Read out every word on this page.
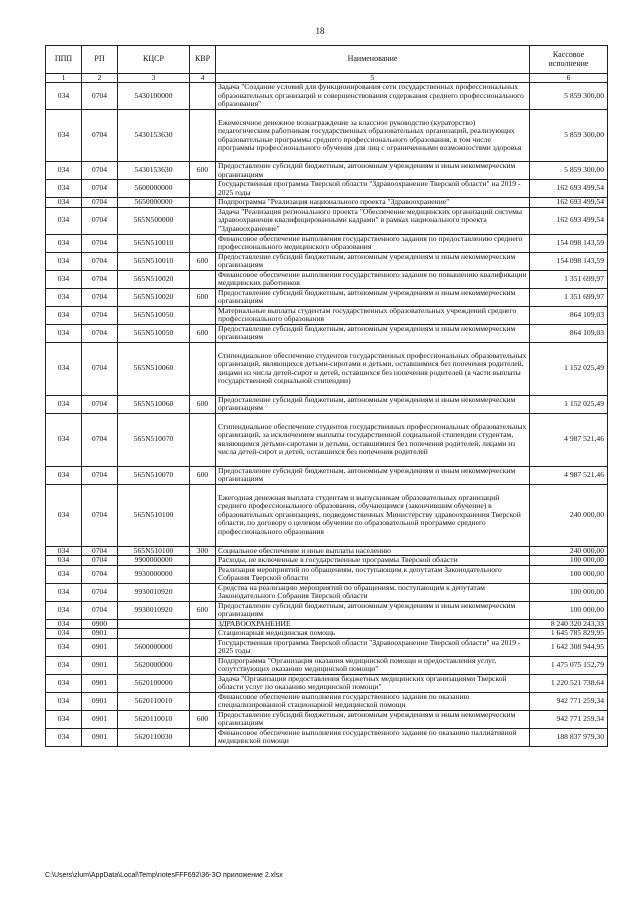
18
ППП	РП	КЦСР	КВР	Наименование	Кассовое исполнение
1	2	3	4	5	6
034	0704	5430100000		Задача "Создание условий для функционирования сети государственных профессиональных образовательных организаций и совершенствования содержания среднего профессионального образования"	5 859 300,00
034	0704	5430153630		Ежемесячное денежное вознаграждение за классное руководство (кураторство) педагогическим работникам государственных образовательных организаций, реализующих образовательные программы среднего профессионального образования, в том числе программы профессионального обучения для лиц с ограниченными возможностями здоровья	5 859 300,00
034	0704	5430153630	600	Предоставление субсидий бюджетным, автономным учреждениям и иным некоммерческим организациям	5 859 300,00
034	0704	5600000000		Государственная программа Тверской области "Здравоохранение Тверской области" на 2019 - 2025 годы	162 693 499,54
034	0704	5650000000		Подпрограмма "Реализация национального проекта "Здравоохранение"	162 693 499,54
034	0704	565N500000		Задача "Реализация регионального проекта "Обеспечение медицинских организаций системы здравоохранения квалифицированными кадрами" в рамках национального проекта "Здравоохранение"	162 693 499,54
034	0704	565N510010		Финансовое обеспечение выполнения государственного задания по предоставлению среднего профессионального медицинского образования	154 098 143,59
034	0704	565N510010	600	Предоставление субсидий бюджетным, автономным учреждениям и иным некоммерческим организациям	154 098 143,59
034	0704	565N510020		Финансовое обеспечение выполнения государственного задания по повышению квалификации медицинских работников	1 351 699,97
034	0704	565N510020	600	Предоставление субсидий бюджетным, автономным учреждениям и иным некоммерческим организациям	1 351 699,97
034	0704	565N510050		Материальные выплаты студентам государственных образовательных учреждений среднего профессионального образования	864 109,03
034	0704	565N510050	600	Предоставление субсидий бюджетным, автономным учреждениям и иным некоммерческим организациям	864 109,03
034	0704	565N510060		Стипендиальное обеспечение студентов государственных профессиональных образовательных организаций, являющихся детьми-сиротами и детьми, оставшимися без попечения родителей, лицами из числа детей-сирот и детей, оставшихся без попечения родителей (в части выплаты государственной социальной стипендии)	1 152 025,49
034	0704	565N510060	600	Предоставление субсидий бюджетным, автономным учреждениям и иным некоммерческим организациям	1 152 025,49
034	0704	565N510070		Стипендиальное обеспечение студентов государственных профессиональных образовательных организаций, за исключением выплаты государственной социальной стипендии студентам, являющимся детьми-сиротами и детьми, оставшимися без попечения родителей, лицами из числа детей-сирот и детей, оставшихся без попечения родителей	4 987 521,46
034	0704	565N510070	600	Предоставление субсидий бюджетным, автономным учреждениям и иным некоммерческим организациям	4 987 521,46
034	0704	565N510100		Ежегодная денежная выплата студентам и выпускникам образовательных организаций среднего профессионального образования, обучающимся (закончившим обучение) в образовательных организациях, подведомственных Министерству здравоохранения Тверской области, по договору о целевом обучении по образовательной программе среднего профессионального образования	240 000,00
034	0704	565N510100	300	Социальное обеспечение и иные выплаты населению	240 000,00
034	0704	9900000000		Расходы, не включенные в государственные программы Тверской области	100 000,00
034	0704	9930000000		Реализация мероприятий по обращениям, поступающим к депутатам Законодательного Собрания Тверской области	100 000,00
034	0704	9930010920		Средства на реализацию мероприятий по обращениям, поступающим к депутатам Законодательного Собрания Тверской области	100 000,00
034	0704	9930010920	600	Предоставление субсидий бюджетным, автономным учреждениям и иным некоммерческим организациям	100 000,00
034	0900			ЗДРАВООХРАНЕНИЕ	8 240 320 243,33
034	0901			Стационарная медицинская помощь	1 645 785 829,95
034	0901	5600000000		Государственная программа Тверской области "Здравоохранение Тверской области" на 2019 - 2025 годы	1 642 308 944,95
034	0901	5620000000		Подпрограмма "Организация оказания медицинской помощи и предоставления услуг, сопутствующих оказанию медицинской помощи"	1 475 075 152,79
034	0901	5620100000		Задача "Организация предоставления бюджетных медицинских организациями Тверской области услуг по оказанию медицинской помощи"	1 220 521 738,64
034	0901	5620110010		Финансовое обеспечение выполнения государственного задания по оказанию специализированной стационарной медицинской помощи	942 771 259,34
034	0901	5620110010	600	Предоставление субсидий бюджетным, автономным учреждениям и иным некоммерческим организациям	942 771 259,34
034	0901	5620110030		Финансовое обеспечение выполнения государственного задания по оказанию паллиативной медицинской помощи	188 837 979,30
C:\Users\zlum\AppData\Local\Temp\notesFFF692\36-ЗО приложение 2.xlsx
